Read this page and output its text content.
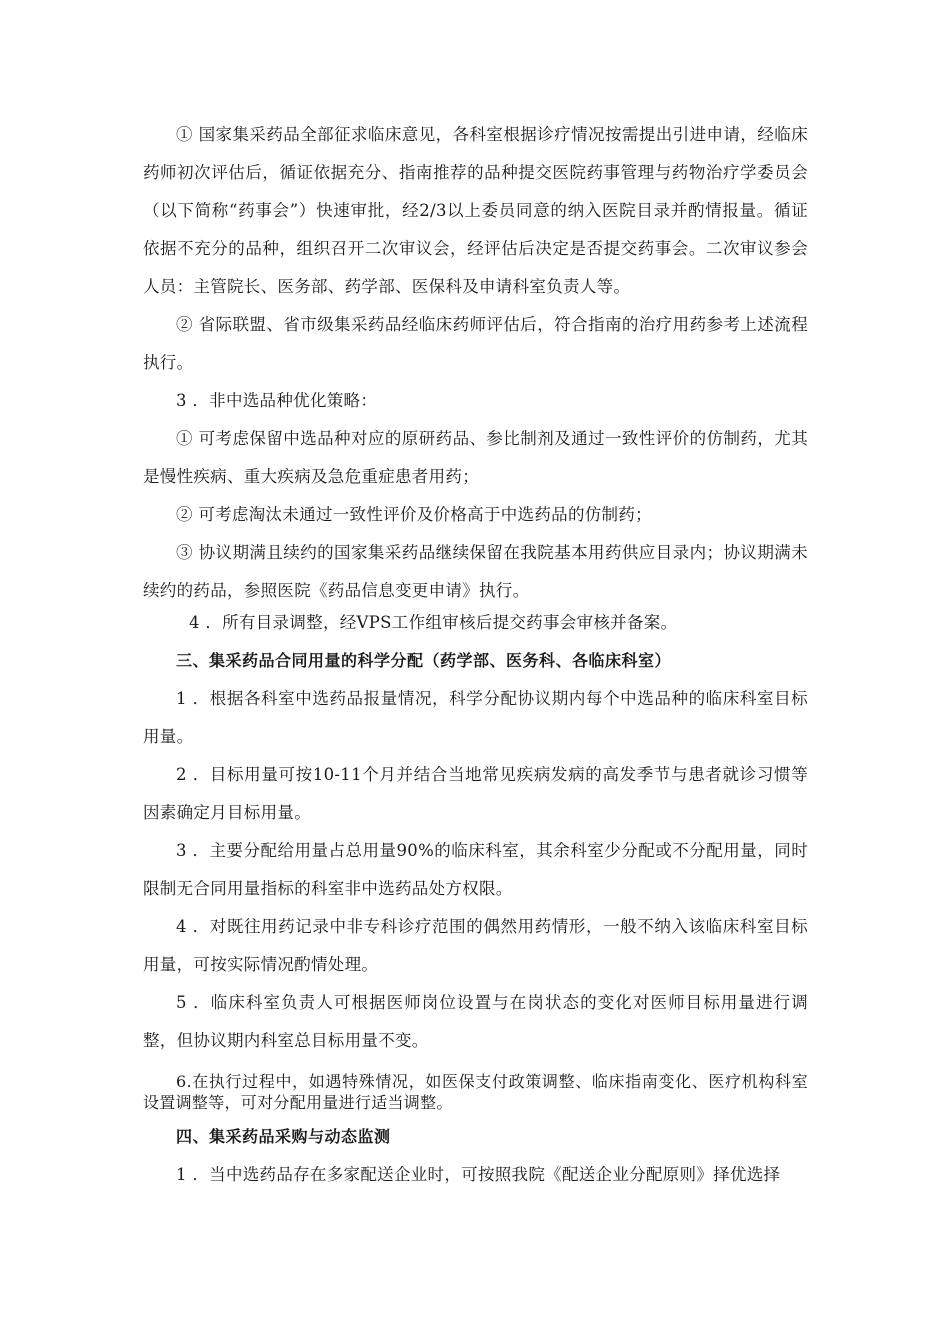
① 国家集采药品全部征求临床意见，各科室根据诊疗情况按需提出引进申请，经临床药师初次评估后，循证依据充分、指南推荐的品种提交医院药事管理与药物治疗学委员会（以下简称“药事会”）快速审批，经2/3以上委员同意的纳入医院目录并酌情报量。循证依据不充分的品种，组织召开二次审议会，经评估后决定是否提交药事会。二次审议参会人员：主管院长、医务部、药学部、医保科及申请科室负责人等。

② 省际联盟、省市级集采药品经临床药师评估后，符合指南的治疗用药参考上述流程执行。

3 ．非中选品种优化策略：

① 可考虑保留中选品种对应的原研药品、参比制剂及通过一致性评价的仿制药，尤其是慢性疾病、重大疾病及急危重症患者用药；

② 可考虑淘汰未通过一致性评价及价格高于中选药品的仿制药；

③ 协议期满且续约的国家集采药品继续保留在我院基本用药供应目录内；协议期满未续约的药品，参照医院《药品信息变更申请》执行。

4 ．所有目录调整，经VPS工作组审核后提交药事会审核并备案。

三、集采药品合同用量的科学分配（药学部、医务科、各临床科室）

1 ．根据各科室中选药品报量情况，科学分配协议期内每个中选品种的临床科室目标用量。

2 ．目标用量可按10-11个月并结合当地常见疾病发病的高发季节与患者就诊习惯等因素确定月目标用量。

3 ．主要分配给用量占总用量90%的临床科室，其余科室少分配或不分配用量，同时限制无合同用量指标的科室非中选药品处方权限。

4 ．对既往用药记录中非专科诊疗范围的偶然用药情形，一般不纳入该临床科室目标用量，可按实际情况酌情处理。

5 ．临床科室负责人可根据医师岗位设置与在岗状态的变化对医师目标用量进行调整，但协议期内科室总目标用量不变。

6.在执行过程中，如遇特殊情况，如医保支付政策调整、临床指南变化、医疗机构科室设置调整等，可对分配用量进行适当调整。

四、集采药品采购与动态监测

1 ．当中选药品存在多家配送企业时，可按照我院《配送企业分配原则》择优选择
